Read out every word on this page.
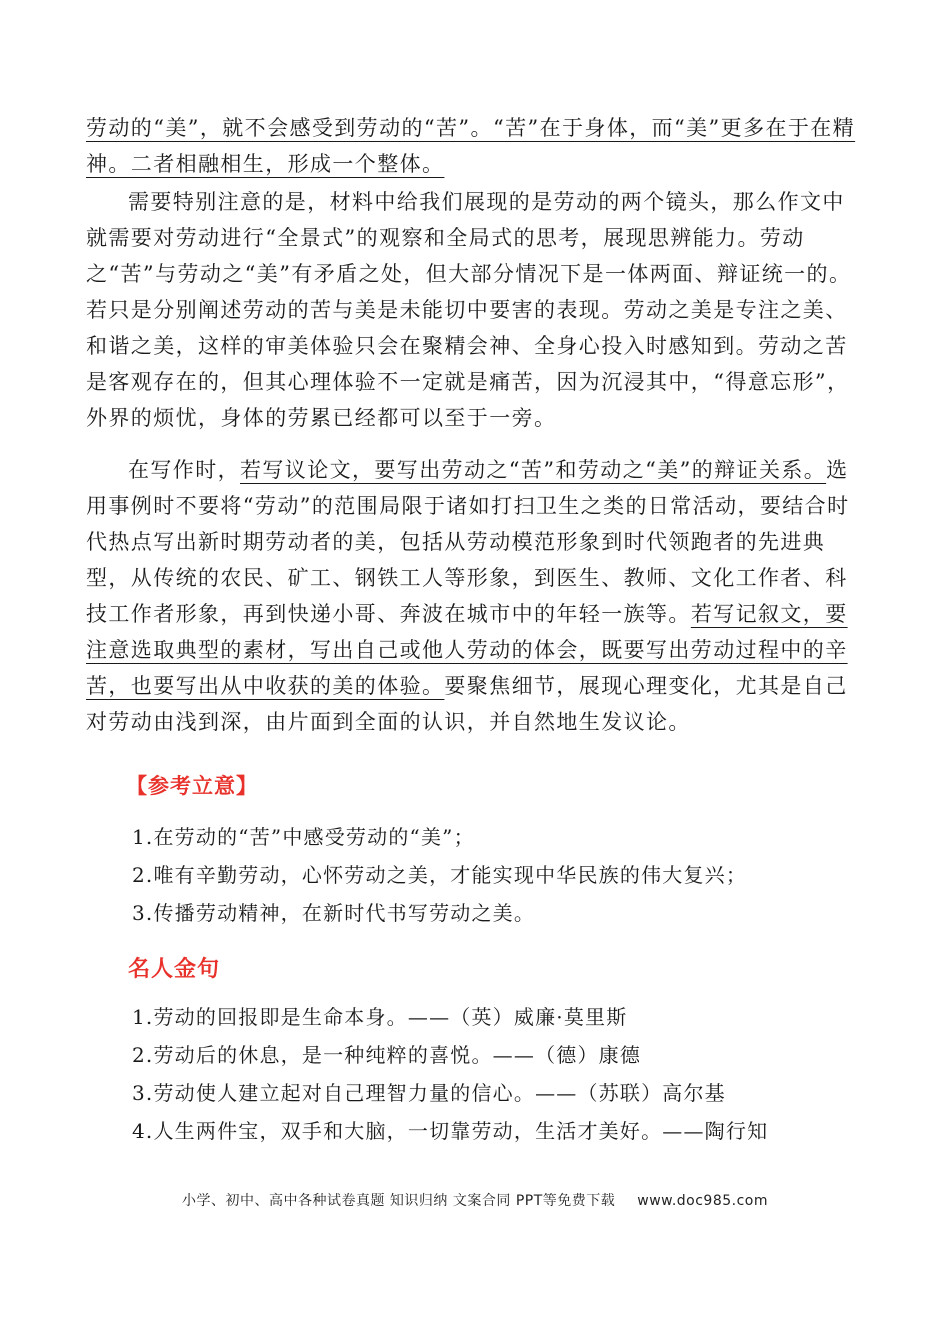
劳动的“美”，就不会感受到劳动的“苦”。“苦”在于身体，而“美”更多在于在精神。二者相融相生，形成一个整体。

需要特别注意的是，材料中给我们展现的是劳动的两个镜头，那么作文中就需要对劳动进行“全景式”的观察和全局式的思考，展现思辨能力。劳动之“苦”与劳动之“美”有矛盾之处，但大部分情况下是一体两面、辩证统一的。若只是分别阐述劳动的苦与美是未能切中要害的表现。劳动之美是专注之美、和谐之美，这样的审美体验只会在聚精会神、全身心投入时感知到。劳动之苦是客观存在的，但其心理体验不一定就是痛苦，因为沉浸其中，“得意忘形”，外界的烦忧，身体的劳累已经都可以至于一旁。

在写作时，若写议论文，要写出劳动之“苦”和劳动之“美”的辩证关系。选用事例时不要将“劳动”的范围局限于诸如打扫卫生之类的日常活动，要结合时代热点写出新时期劳动者的美，包括从劳动模范形象到时代领跑者的先进典型，从传统的农民、矿工、钢铁工人等形象，到医生、教师、文化工作者、科技工作者形象，再到快递小哥、奔波在城市中的年轻一族等。若写记叙文，要注意选取典型的素材，写出自己或他人劳动的体会，既要写出劳动过程中的辛苦，也要写出从中收获的美的体验。要聚焦细节，展现心理变化，尤其是自己对劳动由浅到深，由片面到全面的认识，并自然地生发议论。

【参考立意】
1.在劳动的“苦”中感受劳动的“美”；
2.唯有辛勤劳动，心怀劳动之美，才能实现中华民族的伟大复兴；
3.传播劳动精神，在新时代书写劳动之美。
名人金句
1.劳动的回报即是生命本身。——（英）威廉·莫里斯
2.劳动后的休息，是一种纯粹的喜悦。——（德）康德
3.劳动使人建立起对自己理智力量的信心。——（苏联）高尔基
4.人生两件宝，双手和大脑，一切靠劳动，生活才美好。——陶行知
小学、初中、高中各种试卷真题 知识归纳 文案合同 PPT等免费下载 www.doc985.com
